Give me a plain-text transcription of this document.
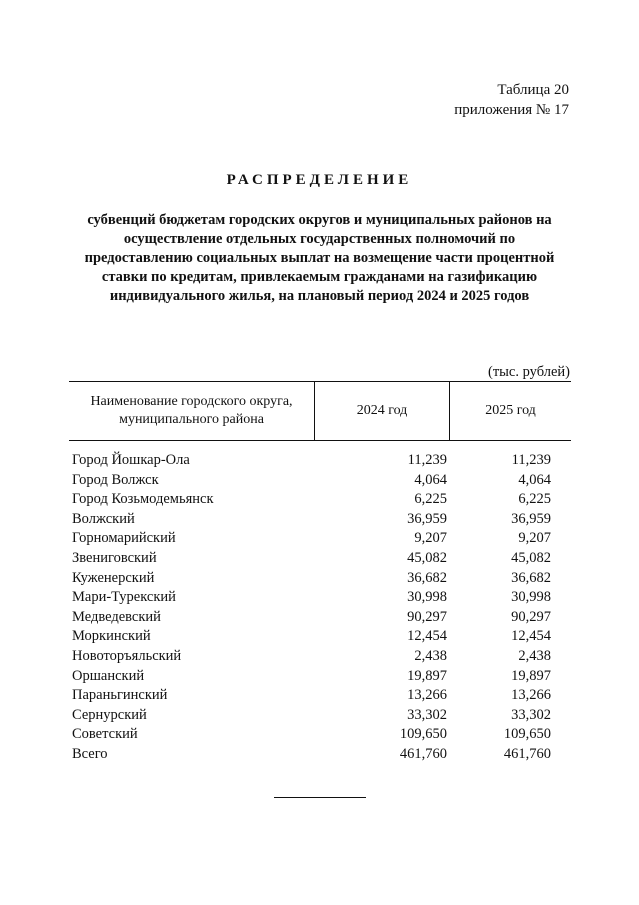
Таблица 20
приложения № 17
РАСПРЕДЕЛЕНИЕ
субвенций бюджетам городских округов и муниципальных районов на
осуществление отдельных государственных полномочий по
предоставлению социальных выплат на возмещение части процентной
ставки по кредитам, привлекаемым гражданами на газификацию
индивидуального жилья, на плановый период 2024 и 2025 годов
(тыс. рублей)
Наименование городского округа, муниципального района
2024 год	2025 год
Город Йошкар-Ола	11,239	11,239
Город Волжск	4,064	4,064
Город Козьмодемьянск	6,225	6,225
Волжский	36,959	36,959
Горномарийский	9,207	9,207
Звениговский	45,082	45,082
Куженерский	36,682	36,682
Мари-Турекский	30,998	30,998
Медведевский	90,297	90,297
Моркинский	12,454	12,454
Новоторъяльский	2,438	2,438
Оршанский	19,897	19,897
Параньгинский	13,266	13,266
Сернурский	33,302	33,302
Советский	109,650	109,650
Всего	461,760	461,760
